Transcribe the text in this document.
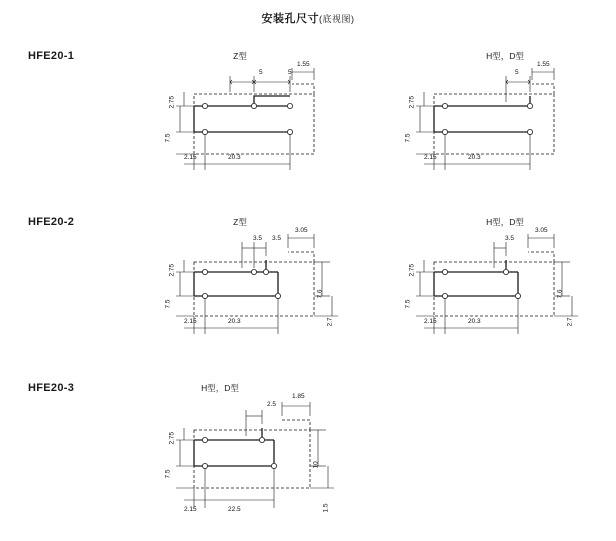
安装孔尺寸(底视图)
HFE20-1
HFE20-2
HFE20-3
Z型
2.75
7.5
2.15	20.3
5	5
1.55
H型，D型
2.75
7.5
2.15	20.3
5
1.55
Z型
2.75
7.5
2.15	20.3
3.5 3.5
3.05
7.6
2.7
H型，D型
2.75
7.5
2.15	20.3
3.5
3.05
7.6
2.7
H型，D型
2.75
7.5
2.15	22.5
2.5
1.85
10
1.5
